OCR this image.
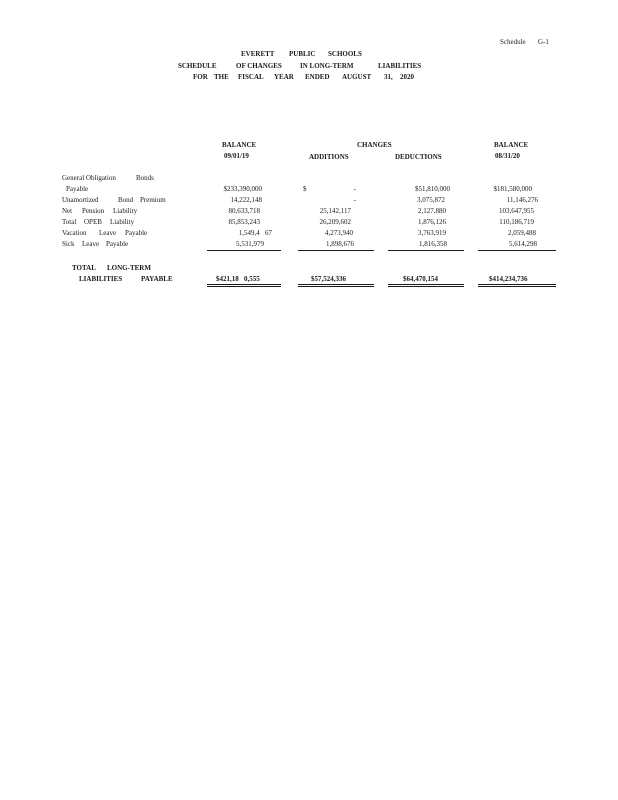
Schedule G-1
EVERETT PUBLIC SCHOOLS
SCHEDULE	OF CHANGES	IN LONG-TERM	LIABILITIES
FOR THE FISCAL YEAR ENDED AUGUST 31, 2020
BALANCE
09/01/19
CHANGES
ADDITIONS	DEDUCTIONS
BALANCE
08/31/20
General Obligation	Bonds
Payable	$233,390,000	$	-	$51,810,000	$181,580,000
Unamortized	Bond Premium	14,222,148	-	3,075,872	11,146,276
Net Pension Liability	80,633,718	25,142,117	2,127,880	103,647,955
Total OPEB Liability	85,853,243	26,209,602	1,876,126	110,186,719
Vacation Leave Payable	1,549,4   67	4,273,940	3,763,919	2,059,488
Sick Leave Payable	5,531,979	1,898,676	1,816,358	5,614,298
TOTAL LONG-TERM
LIABILITIES	PAYABLE	$421,18   0,555	$57,524,336	$64,470,154	$414,234,736
